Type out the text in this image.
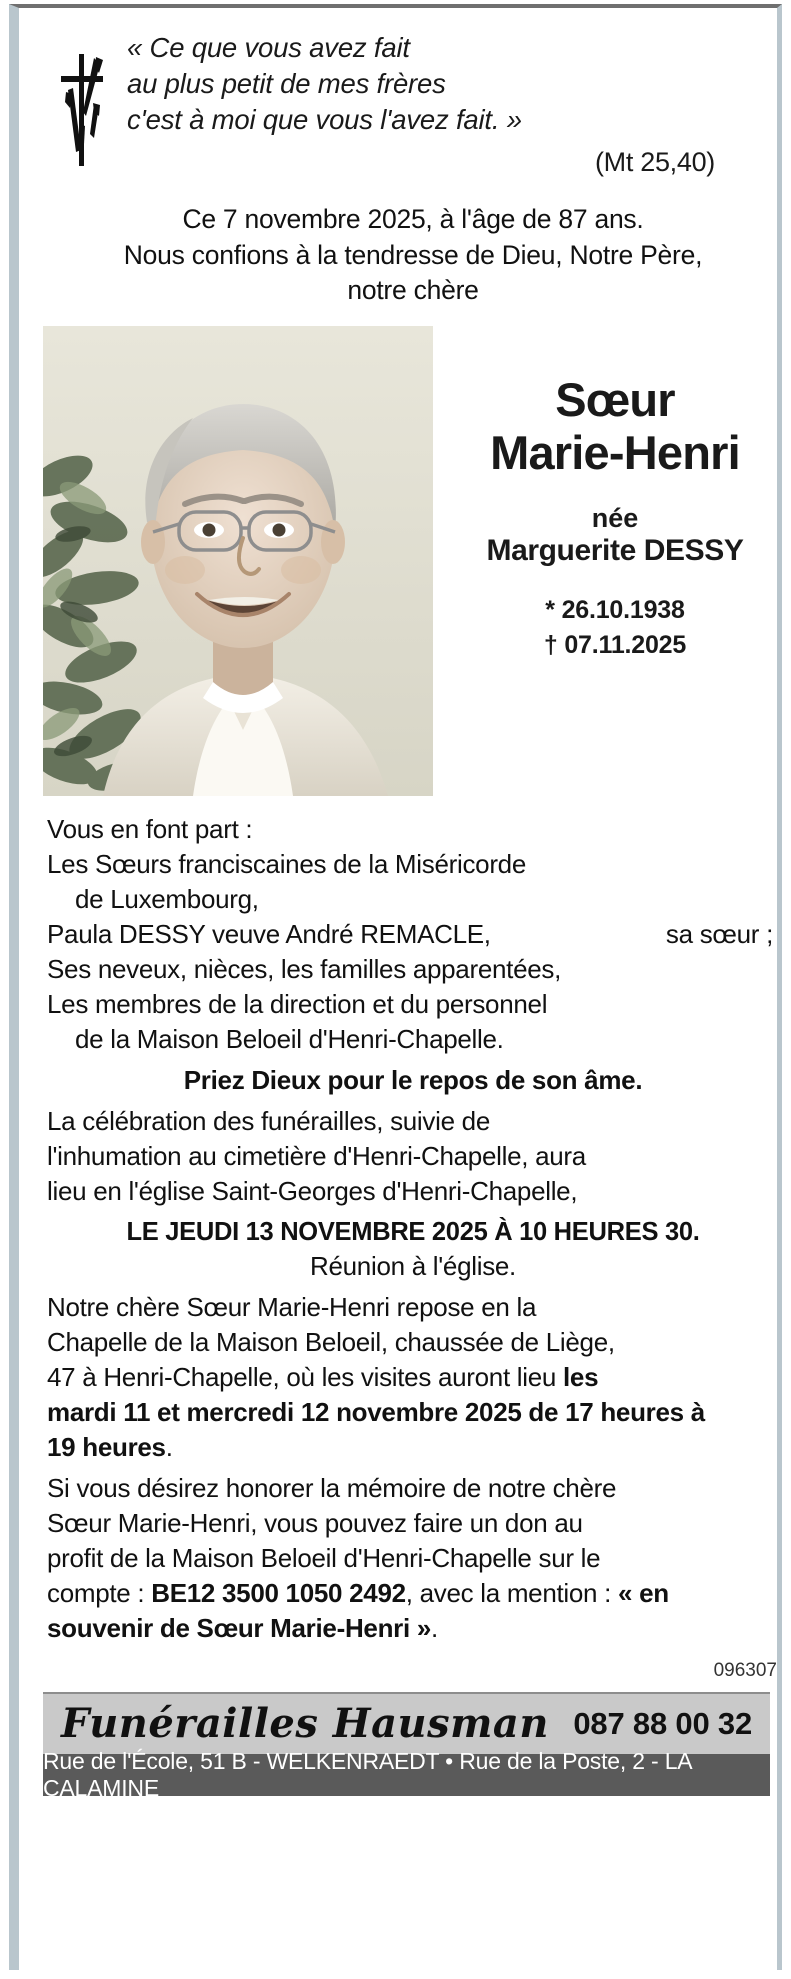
« Ce que vous avez fait
au plus petit de mes frères
c'est à moi que vous l'avez fait. »
(Mt 25,40)
Ce 7 novembre 2025, à l'âge de 87 ans.
Nous confions à la tendresse de Dieu, Notre Père,
notre chère
Sœur
Marie-Henri
née
Marguerite DESSY
* 26.10.1938
† 07.11.2025

Vous en font part :

Les Sœurs franciscaines de la Miséricorde

de Luxembourg,

Paula DESSY veuve André REMACLE,	sa sœur ;

Ses neveux, nièces, les familles apparentées,

Les membres de la direction et du personnel

de la Maison Beloeil d'Henri-Chapelle.

Priez Dieux pour le repos de son âme.

La célébration des funérailles, suivie de

l'inhumation au cimetière d'Henri-Chapelle, aura

lieu en l'église Saint-Georges d'Henri-Chapelle,

LE JEUDI 13 NOVEMBRE 2025 À 10 HEURES 30.

Réunion à l'église.

Notre chère Sœur Marie-Henri repose en la

Chapelle de la Maison Beloeil, chaussée de Liège,

47 à Henri-Chapelle, où les visites auront lieu les

mardi 11 et mercredi 12 novembre 2025 de 17 heures à

19 heures.

Si vous désirez honorer la mémoire de notre chère

Sœur Marie-Henri, vous pouvez faire un don au

profit de la Maison Beloeil d'Henri-Chapelle sur le

compte : BE12 3500 1050 2492, avec la mention : « en

souvenir de Sœur Marie-Henri ».

096307
Funérailles Hausman 087 88 00 32
Rue de l'École, 51 B - WELKENRAEDT • Rue de la Poste, 2 - LA CALAMINE
